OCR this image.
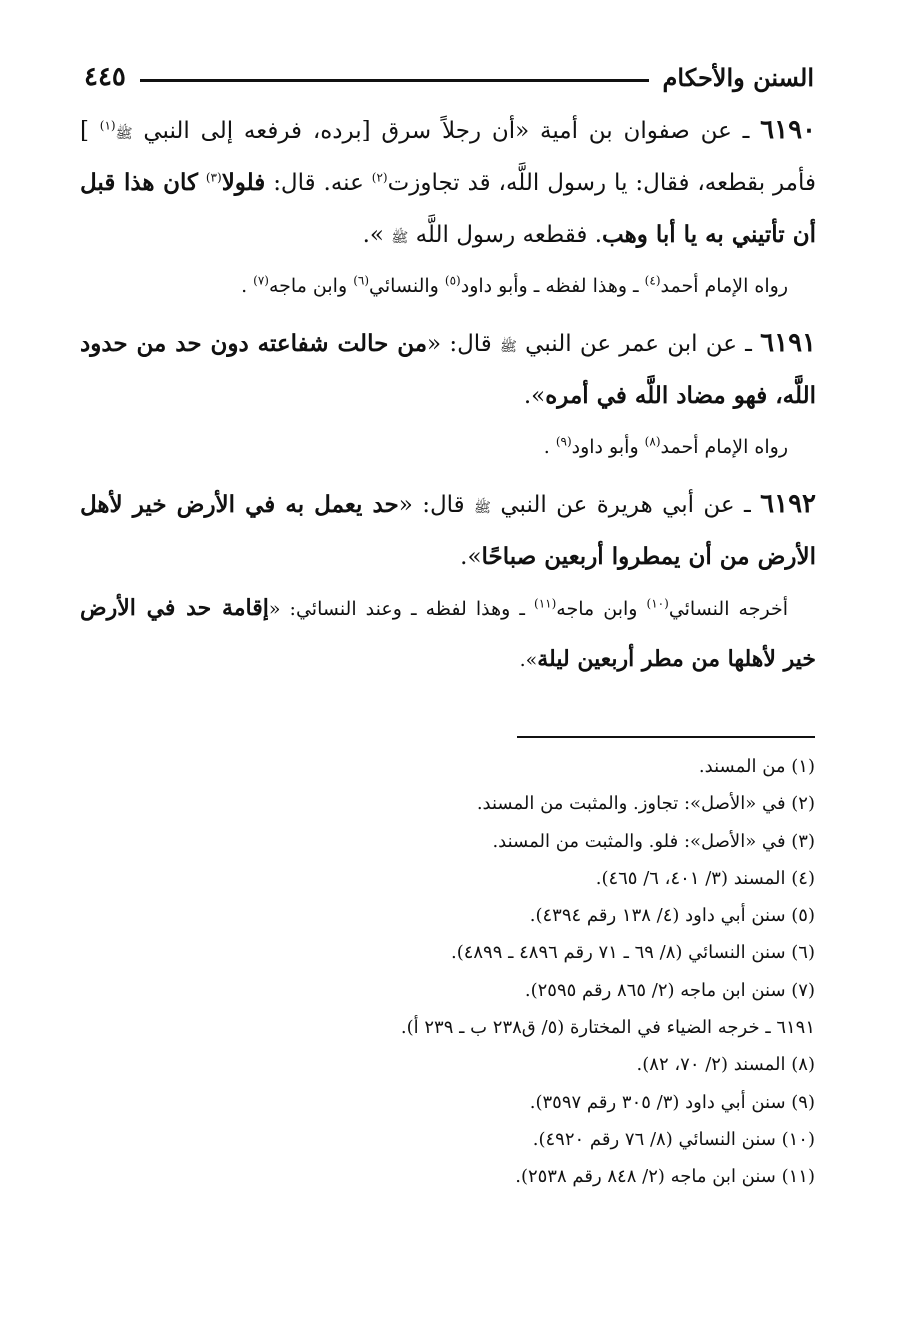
السنن والأحكام
٤٤٥

٦١٩٠ ـ عن صفوان بن أمية «أن رجلاً سرق [برده، فرفعه إلى النبي ﷺ$^{(١)}$ ] فأمر بقطعه، فقال: يا رسول اللَّه، قد تجاوزت$^{(٢)}$ عنه. قال: فلولا$^{(٣)}$ كان هذا قبل أن تأتيني به يا أبا وهب. فقطعه رسول اللَّه ﷺ ».

رواه الإمام أحمد$^{(٤)}$ ـ وهذا لفظه ـ وأبو داود$^{(٥)}$ والنسائي$^{(٦)}$ وابن ماجه$^{(٧)}$ .

٦١٩١ ـ عن ابن عمر عن النبي ﷺ قال: «من حالت شفاعته دون حد من حدود اللَّه، فهو مضاد اللَّه في أمره».

رواه الإمام أحمد$^{(٨)}$ وأبو داود$^{(٩)}$ .

٦١٩٢ ـ عن أبي هريرة عن النبي ﷺ قال: «حد يعمل به في الأرض خير لأهل الأرض من أن يمطروا أربعين صباحًا».

أخرجه النسائي$^{(١٠)}$ وابن ماجه$^{(١١)}$ ـ وهذا لفظه ـ وعند النسائي: «إقامة حد في الأرض خير لأهلها من مطر أربعين ليلة».

(١) من المسند.
(٢) في «الأصل»: تجاوز. والمثبت من المسند.
(٣) في «الأصل»: فلو. والمثبت من المسند.
(٤) المسند (٣/ ٤٠١، ٦/ ٤٦٥).
(٥) سنن أبي داود (٤/ ١٣٨ رقم ٤٣٩٤).
(٦) سنن النسائي (٨/ ٦٩ ـ ٧١ رقم ٤٨٩٦ ـ ٤٨٩٩).
(٧) سنن ابن ماجه (٢/ ٨٦٥ رقم ٢٥٩٥).
٦١٩١ ـ خرجه الضياء في المختارة (٥/ ق٢٣٨ ب ـ ٢٣٩ أ).
(٨) المسند (٢/ ٧٠، ٨٢).
(٩) سنن أبي داود (٣/ ٣٠٥ رقم ٣٥٩٧).
(١٠) سنن النسائي (٨/ ٧٦ رقم ٤٩٢٠).
(١١) سنن ابن ماجه (٢/ ٨٤٨ رقم ٢٥٣٨).
